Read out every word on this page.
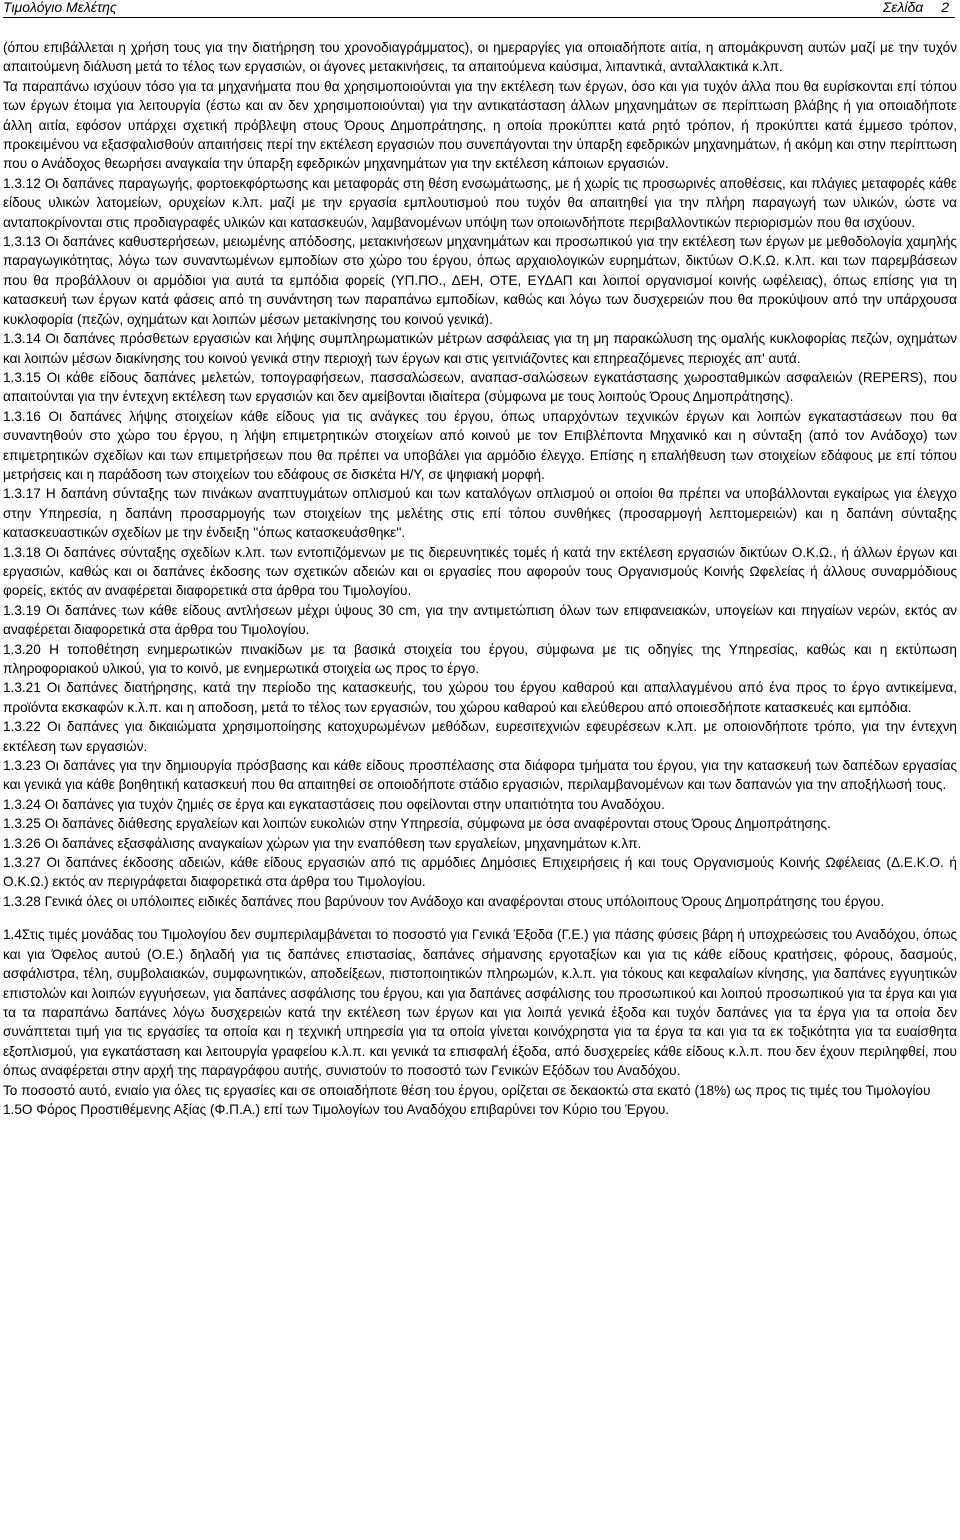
Τιμολόγιο Μελέτης	Σελίδα 2

(όπου επιβάλλεται η χρήση τους για την διατήρηση του χρονοδιαγράμματος), οι ημεραργίες για οποιαδήποτε αιτία, η απομάκρυνση αυτών μαζί με την τυχόν απαιτούμενη διάλυση μετά το τέλος των εργασιών, οι άγονες μετακινήσεις, τα απαιτούμενα καύσιμα, λιπαντικά, ανταλλακτικά κ.λπ.

Τα παραπάνω ισχύουν τόσο για τα μηχανήματα που θα χρησιμοποιούνται για την εκτέλεση των έργων, όσο και για τυχόν άλλα που θα ευρίσκονται επί τόπου των έργων έτοιμα για λειτουργία (έστω και αν δεν χρησιμοποιούνται) για την αντικατάσταση άλλων μηχανημάτων σε περίπτωση βλάβης ή για οποιαδήποτε άλλη αιτία, εφόσον υπάρχει σχετική πρόβλεψη στους Όρους Δημοπράτησης, η οποία προκύπτει κατά ρητό τρόπον, ή προκύπτει κατά έμμεσο τρόπον, προκειμένου να εξασφαλισθούν απαιτήσεις περί την εκτέλεση εργασιών που συνεπάγονται την ύπαρξη εφεδρικών μηχανημάτων, ή ακόμη και στην περίπτωση που ο Ανάδοχος θεωρήσει αναγκαία την ύπαρξη εφεδρικών μηχανημάτων για την εκτέλεση κάποιων εργασιών.

1.3.12 Οι δαπάνες παραγωγής, φορτοεκφόρτωσης και μεταφοράς στη θέση ενσωμάτωσης, με ή χωρίς τις προσωρινές αποθέσεις, και πλάγιες μεταφορές κάθε είδους υλικών λατομείων, ορυχείων κ.λπ. μαζί με την εργασία εμπλουτισμού που τυχόν θα απαιτηθεί για την πλήρη παραγωγή των υλικών, ώστε να ανταποκρίνονται στις προδιαγραφές υλικών και κατασκευών, λαμβανομένων υπόψη των οποιωνδήποτε περιβαλλοντικών περιορισμών που θα ισχύουν.

1.3.13 Οι δαπάνες καθυστερήσεων, μειωμένης απόδοσης, μετακινήσεων μηχανημάτων και προσωπικού για την εκτέλεση των έργων με μεθοδολογία χαμηλής παραγωγικότητας, λόγω των συναντωμένων εμποδίων στο χώρο του έργου, όπως αρχαιολογικών ευρημάτων, δικτύων Ο.Κ.Ω. κ.λπ. και των παρεμβάσεων που θα προβάλλουν οι αρμόδιοι για αυτά τα εμπόδια φορείς (ΥΠ.ΠΟ., ΔΕΗ, ΟΤΕ, ΕΥΔΑΠ και λοιποί οργανισμοί κοινής ωφέλειας), όπως επίσης για τη κατασκευή των έργων κατά φάσεις από τη συνάντηση των παραπάνω εμποδίων, καθώς και λόγω των δυσχερειών που θα προκύψουν από την υπάρχουσα κυκλοφορία (πεζών, οχημάτων και λοιπών μέσων μετακίνησης του κοινού γενικά).

1.3.14 Οι δαπάνες πρόσθετων εργασιών και λήψης συμπληρωματικών μέτρων ασφάλειας για τη μη παρακώλυση της ομαλής κυκλοφορίας πεζών, οχημάτων και λοιπών μέσων διακίνησης του κοινού γενικά στην περιοχή των έργων και στις γειτνιάζοντες και επηρεαζόμενες περιοχές απ' αυτά.

1.3.15 Οι κάθε είδους δαπάνες μελετών, τοπογραφήσεων, πασσαλώσεων, αναπασ-σαλώσεων εγκατάστασης χωροσταθμικών ασφαλειών (REPERS), που απαιτούνται για την έντεχνη εκτέλεση των εργασιών και δεν αμείβονται ιδιαίτερα (σύμφωνα με τους λοιπούς Όρους Δημοπράτησης).

1.3.16 Οι δαπάνες λήψης στοιχείων κάθε είδους για τις ανάγκες του έργου, όπως υπαρχόντων τεχνικών έργων και λοιπών εγκαταστάσεων που θα συναντηθούν στο χώρο του έργου, η λήψη επιμετρητικών στοιχείων από κοινού με τον Επιβλέποντα Μηχανικό και η σύνταξη (από τον Ανάδοχο) των επιμετρητικών σχεδίων και των επιμετρήσεων που θα πρέπει να υποβάλει για αρμόδιο έλεγχο. Επίσης η επαλήθευση των στοιχείων εδάφους με επί τόπου μετρήσεις και η παράδοση των στοιχείων του εδάφους σε δισκέτα Η/Υ, σε ψηφιακή μορφή.

1.3.17 Η δαπάνη σύνταξης των πινάκων αναπτυγμάτων οπλισμού και των καταλόγων οπλισμού οι οποίοι θα πρέπει να υποβάλλονται εγκαίρως για έλεγχο στην Υπηρεσία, η δαπάνη προσαρμογής των στοιχείων της μελέτης στις επί τόπου συνθήκες (προσαρμογή λεπτομερειών) και η δαπάνη σύνταξης κατασκευαστικών σχεδίων με την ένδειξη ''όπως κατασκευάσθηκε''.

1.3.18 Οι δαπάνες σύνταξης σχεδίων κ.λπ. των εντοπιζόμενων με τις διερευνητικές τομές ή κατά την εκτέλεση εργασιών δικτύων Ο.Κ.Ω., ή άλλων έργων και εργασιών, καθώς και οι δαπάνες έκδοσης των σχετικών αδειών και οι εργασίες που αφορούν τους Οργανισμούς Κοινής Ωφελείας ή άλλους συναρμόδιους φορείς, εκτός αν αναφέρεται διαφορετικά στα άρθρα του Τιμολογίου.

1.3.19 Οι δαπάνες των κάθε είδους αντλήσεων μέχρι ύψους 30 cm, για την αντιμετώπιση όλων των επιφανειακών, υπογείων και πηγαίων νερών, εκτός αν αναφέρεται διαφορετικά στα άρθρα του Τιμολογίου.

1.3.20 Η τοποθέτηση ενημερωτικών πινακίδων με τα βασικά στοιχεία του έργου, σύμφωνα με τις οδηγίες της Υπηρεσίας, καθώς και η εκτύπωση πληροφοριακού υλικού, για το κοινό, με ενημερωτικά στοιχεία ως προς το έργο.

1.3.21 Οι δαπάνες διατήρησης, κατά την περίοδο της κατασκευής, του χώρου του έργου καθαρού και απαλλαγμένου από ένα προς το έργο αντικείμενα, προϊόντα εκσκαφών κ.λ.π. και η αποδοση, μετά το τέλος των εργασιών, του χώρου καθαρού και ελεύθερου από οποιεσδήποτε κατασκευές και εμπόδια.

1.3.22 Οι δαπάνες για δικαιώματα χρησιμοποίησης κατοχυρωμένων μεθόδων, ευρεσιτεχνιών εφευρέσεων κ.λπ. με οποιονδήποτε τρόπο, για την έντεχνη εκτέλεση των εργασιών.

1.3.23 Οι δαπάνες για την δημιουργία πρόσβασης και κάθε είδους προσπέλασης στα διάφορα τμήματα του έργου, για την κατασκευή των δαπέδων εργασίας και γενικά για κάθε βοηθητική κατασκευή που θα απαιτηθεί σε οποιοδήποτε στάδιο εργασιών, περιλαμβανομένων και των δαπανών για την αποξήλωσή τους.

1.3.24 Οι δαπάνες για τυχόν ζημιές σε έργα και εγκαταστάσεις που οφείλονται στην υπαιτιότητα του Αναδόχου.

1.3.25 Οι δαπάνες διάθεσης εργαλείων και λοιπών ευκολιών στην Υπηρεσία, σύμφωνα με όσα αναφέρονται στους Όρους Δημοπράτησης.

1.3.26 Οι δαπάνες εξασφάλισης αναγκαίων χώρων για την εναπόθεση των εργαλείων, μηχανημάτων κ.λπ.

1.3.27 Οι δαπάνες έκδοσης αδειών, κάθε είδους εργασιών από τις αρμόδιες Δημόσιες Επιχειρήσεις ή και τους Οργανισμούς Κοινής Ωφέλειας (Δ.Ε.Κ.Ο. ή Ο.Κ.Ω.) εκτός αν περιγράφεται διαφορετικά στα άρθρα του Τιμολογίου.

1.3.28 Γενικά όλες οι υπόλοιπες ειδικές δαπάνες που βαρύνουν τον Ανάδοχο και αναφέρονται στους υπόλοιπους Όρους Δημοπράτησης του έργου.

1.4Στις τιμές μονάδας του Τιμολογίου δεν συμπεριλαμβάνεται το ποσοστό για Γενικά Έξοδα (Γ.Ε.) για πάσης φύσεις βάρη ή υποχρεώσεις του Αναδόχου, όπως και για Όφελος αυτού (Ο.Ε.) δηλαδή για τις δαπάνες επιστασίας, δαπάνες σήμανσης εργοταξίων και για τις κάθε είδους κρατήσεις, φόρους, δασμούς, ασφάλιστρα, τέλη, συμβολαιακών, συμφωνητικών, αποδείξεων, πιστοποιητικών πληρωμών, κ.λ.π. για τόκους και κεφαλαίων κίνησης, για δαπάνες εγγυητικών επιστολών και λοιπών εγγυήσεων, για δαπάνες ασφάλισης του έργου, και για δαπάνες ασφάλισης του προσωπικού και λοιπού προσωπικού για τα έργα και για τα τα παραπάνω δαπάνες λόγω δυσχερειών κατά την εκτέλεση των έργων και για λοιπά γενικά έξοδα και τυχόν δαπάνες για τα έργα για τα οποία δεν συνάπτεται τιμή για τις εργασίες τα οποία και η τεχνική υπηρεσία για τα οποία γίνεται κοινόχρηστα για τα έργα τα και για τα εκ τοξικότητα για τα ευαίσθητα εξοπλισμού, για εγκατάσταση και λειτουργία γραφείου κ.λ.π. και γενικά τα επισφαλή έξοδα, από δυσχερείες κάθε είδους κ.λ.π. που δεν έχουν περιληφθεί, που όπως αναφέρεται στην αρχή της παραγράφου αυτής, συνιστούν το ποσοστό των Γενικών Εξόδων του Αναδόχου.

Το ποσοστό αυτό, ενιαίο για όλες τις εργασίες και σε οποιαδήποτε θέση του έργου, ορίζεται σε δεκαοκτώ στα εκατό (18%) ως προς τις τιμές του Τιμολογίου

1.5Ο Φόρος Προστιθέμενης Αξίας (Φ.Π.Α.) επί των Τιμολογίων του Αναδόχου επιβαρύνει τον Κύριο του Έργου.
